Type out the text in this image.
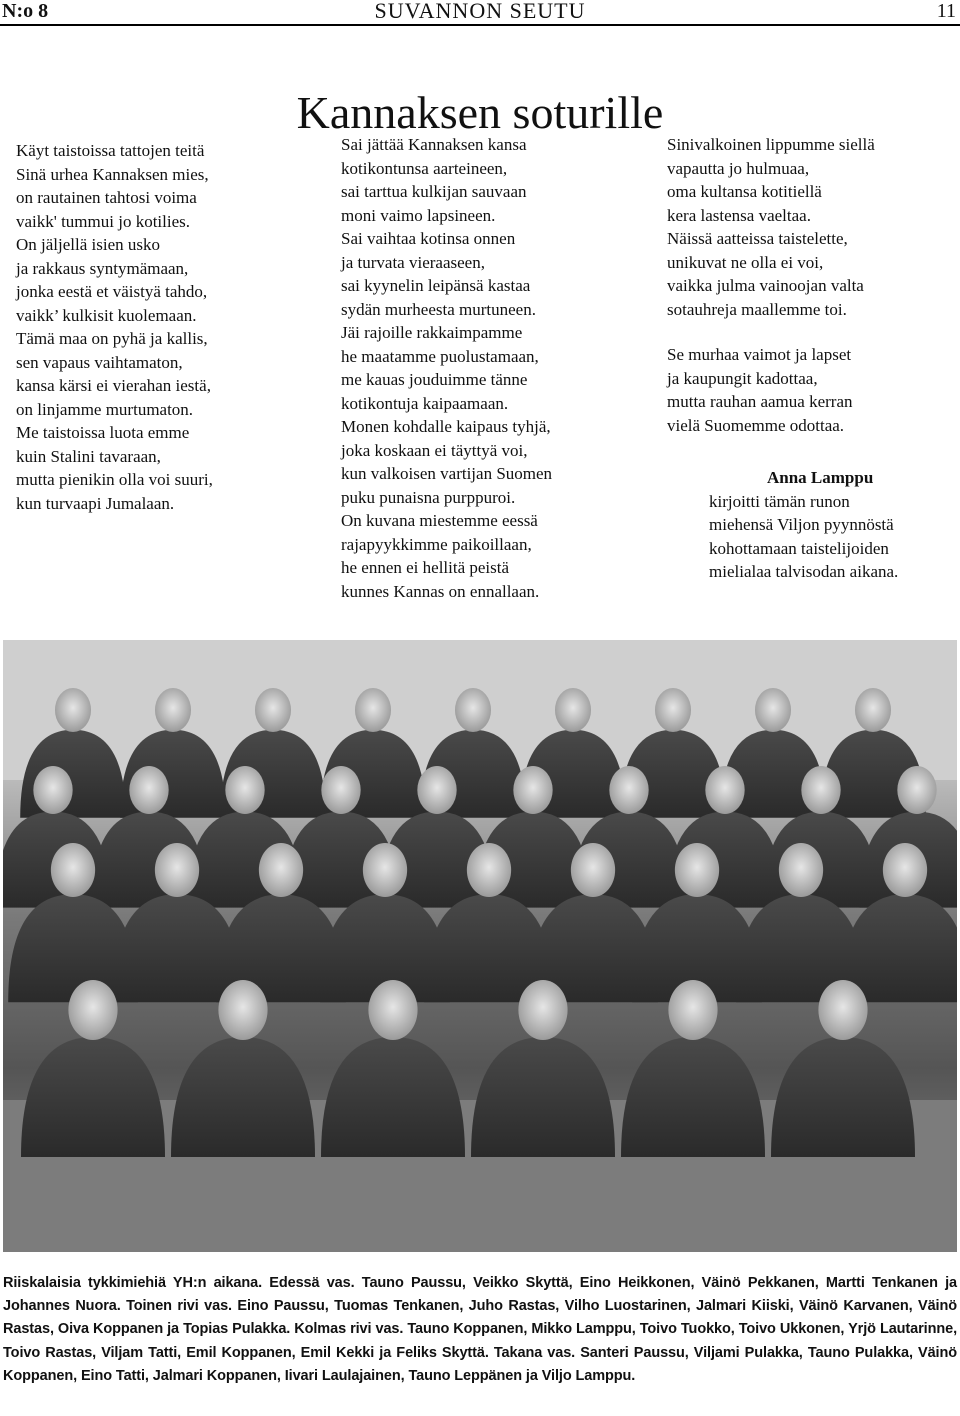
N:o 8	SUVANNON SEUTU	11
Kannaksen soturille
Käyt taistoissa tattojen teitä
Sinä urhea Kannaksen mies,
on rautainen tahtosi voima
vaikk' tummui jo kotilies.
On jäljellä isien usko
ja rakkaus syntymämaan,
jonka eestä et väistyä tahdo,
vaikk’ kulkisit kuolemaan.
Tämä maa on pyhä ja kallis,
sen vapaus vaihtamaton,
kansa kärsi ei vierahan iestä,
on linjamme murtumaton.
Me taistoissa luota emme
kuin Stalini tavaraan,
mutta pienikin olla voi suuri,
kun turvaapi Jumalaan.
Sai jättää Kannaksen kansa
kotikontunsa aarteineen,
sai tarttua kulkijan sauvaan
moni vaimo lapsineen.
Sai vaihtaa kotinsa onnen
ja turvata vieraaseen,
sai kyynelin leipänsä kastaa
sydän murheesta murtuneen.
Jäi rajoille rakkaimpamme
he maatamme puolustamaan,
me kauas jouduimme tänne
kotikontuja kaipaamaan.
Monen kohdalle kaipaus tyhjä,
joka koskaan ei täyttyä voi,
kun valkoisen vartijan Suomen
puku punaisna purppuroi.
On kuvana miestemme eessä
rajapyykkimme paikoillaan,
he ennen ei hellitä peistä
kunnes Kannas on ennallaan.
Sinivalkoinen lippumme siellä
vapautta jo hulmuaa,
oma kultansa kotitiellä
kera lastensa vaeltaa.
Näissä aatteissa taistelette,
unikuvat ne olla ei voi,
vaikka julma vainoojan valta
sotauhreja maallemme toi.
Se murhaa vaimot ja lapset
ja kaupungit kadottaa,
mutta rauhan aamua kerran
vielä Suomemme odottaa.
Anna Lamppu
kirjoitti tämän runon
miehensä Viljon pyynnöstä
kohottamaan taistelijoiden
mielialaa talvisodan aikana.
Riiskalaisia tykkimiehiä YH:n aikana. Edessä vas. Tauno Paussu, Veikko Skyttä, Eino Heikkonen, Väinö Pekkanen, Martti Tenkanen ja Johannes Nuora. Toinen rivi vas. Eino Paussu, Tuomas Tenkanen, Juho Rastas, Vilho Luostarinen, Jalmari Kiiski, Väinö Karvanen, Väinö Rastas, Oiva Koppanen ja Topias Pulakka. Kolmas rivi vas. Tauno Koppanen, Mikko Lamppu, Toivo Tuokko, Toivo Ukkonen, Yrjö Lautarinne, Toivo Rastas, Viljam Tatti, Emil Koppanen, Emil Kekki ja Feliks Skyttä. Takana vas. Santeri Paussu, Viljami Pulakka, Tauno Pulakka, Väinö Koppanen, Eino Tatti, Jalmari Koppanen, Iivari Laulajainen, Tauno Leppänen ja Viljo Lamppu.
